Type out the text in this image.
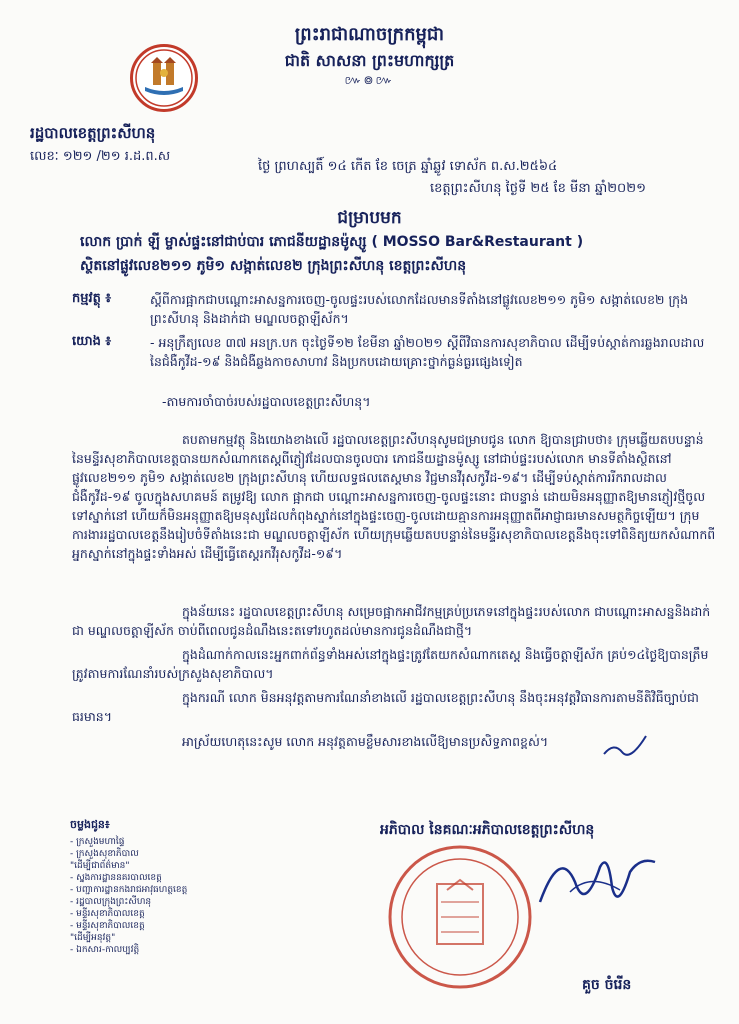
ព្រះរាជាណាចក្រកម្ពុជា
ជាតិ សាសនា ព្រះមហាក្សត្រ
៚៙៚
រដ្ឋបាលខេត្តព្រះសីហនុ
លេខៈ ១២១ /២១ រ.ដ.ព.ស
ថ្ងៃ ព្រហស្បតិ៍ ១៤ កើត ខែ ចេត្រ ឆ្នាំឆ្លូវ ទោស័ក ព.ស.២៥៦៤
ខេត្តព្រះសីហនុ ថ្ងៃទី ២៥ ខែ មីនា ឆ្នាំ២០២១
ជម្រាបមក
លោក ប្រាក់ ឡី ម្ចាស់ផ្ទះនៅជាប់បារ ភោជនីយដ្ឋានម៉ូស្សូ ( MOSSO Bar&Restaurant )
ស្ថិតនៅផ្លូវលេខ២១១ ភូមិ១ សង្កាត់លេខ២ ក្រុងព្រះសីហនុ ខេត្តព្រះសីហនុ
កម្មវត្ថុ ៖	ស្តីពីការផ្អាកជាបណ្តោះអាសន្នការចេញ-ចូលផ្ទះរបស់លោកដែលមានទីតាំងនៅផ្លូវលេខ២១១ ភូមិ១ សង្កាត់លេខ២ ក្រុងព្រះសីហនុ និងដាក់ជា មណ្ឌលចត្តាឡីស័ក។
យោង ៖	- អនុក្រឹត្យលេខ ៣៧ អនក្រ.បក ចុះថ្ងៃទី១២ ខែមីនា ឆ្នាំ២០២១ ស្តីពីវិធានការសុខាភិបាល ដើម្បីទប់ស្កាត់ការឆ្លងរាលដាលនៃជំងឺកូវីដ-១៩ និងជំងឺឆ្លងកាចសាហាវ និងប្រកបដោយគ្រោះថ្នាក់ធ្ងន់ធ្ងរផ្សេងទៀត
-តាមការចាំបាច់របស់រដ្ឋបាលខេត្តព្រះសីហនុ។
តបតាមកម្មវត្ថុ និងយោងខាងលើ រដ្ឋបាលខេត្តព្រះសីហនុសូមជម្រាបជូន លោក ឱ្យបានជ្រាបថា៖ ក្រុមឆ្លើយតបបន្ទាន់ នៃមន្ទីរសុខាភិបាលខេត្តបានយកសំណាកតេស្តពីភ្ញៀវដែលបានចូលបារ ភោជនីយដ្ឋានម៉ូស្សូ នៅជាប់ផ្ទះរបស់លោក មានទីតាំងស្ថិតនៅផ្លូវលេខ២១១ ភូមិ១ សង្កាត់លេខ២ ក្រុងព្រះសីហនុ ហើយលទ្ធផលតេស្តមាន វិជ្ជមានវីរុសកូវីដ-១៩។ ដើម្បីទប់ស្កាត់ការរីករាលដាលជំងឺកូវីដ-១៩ ចូលក្នុងសហគមន៍ តម្រូវឱ្យ លោក ផ្អាកជា បណ្តោះអាសន្នការចេញ-ចូលផ្ទះនោះ ជាបន្ទាន់ ដោយមិនអនុញ្ញាតឱ្យមានភ្ញៀវថ្មីចូលទៅស្នាក់នៅ ហើយក៏មិនអនុញ្ញាតឱ្យមនុស្សដែលកំពុងស្នាក់នៅក្នុងផ្ទះចេញ-ចូលដោយគ្មានការអនុញ្ញាតពីអាជ្ញាធរមានសមត្ថកិច្ចឡើយ។ ក្រុមការងាររដ្ឋបាលខេត្តនឹងរៀបចំទីតាំងនេះជា មណ្ឌលចត្តាឡីស័ក ហើយក្រុមឆ្លើយតបបន្ទាន់នៃមន្ទីរសុខាភិបាលខេត្តនឹងចុះទៅពិនិត្យយកសំណាកពីអ្នកស្នាក់នៅក្នុងផ្ទះទាំងអស់ ដើម្បីធ្វើតេស្តរកវីរុសកូវីដ-១៩។
ក្នុងន័យនេះ រដ្ឋបាលខេត្តព្រះសីហនុ សម្រេចផ្អាកអាជីវកម្មគ្រប់ប្រភេទនៅក្នុងផ្ទះរបស់លោក ជាបណ្តោះអាសន្ននិងដាក់ជា មណ្ឌលចត្តាឡីស័ក ចាប់ពីពេលជូនដំណឹងនេះតទៅរហូតដល់មានការជូនដំណឹងជាថ្មី។
ក្នុងដំណាក់កាលនេះអ្នកពាក់ព័ន្ធទាំងអស់នៅក្នុងផ្ទះត្រូវតែយកសំណាកតេស្ត និងធ្វើចត្តាឡីស័ក គ្រប់១៤ថ្ងៃឱ្យបានត្រឹមត្រូវតាមការណែនាំរបស់ក្រសួងសុខាភិបាល។
ក្នុងករណី លោក មិនអនុវត្តតាមការណែនាំខាងលើ រដ្ឋបាលខេត្តព្រះសីហនុ នឹងចុះអនុវត្តវិធានការតាមនីតិវិធីច្បាប់ជាធរមាន។
អាស្រ័យហេតុនេះសូម លោក អនុវត្តតាមខ្លឹមសារខាងលើឱ្យមានប្រសិទ្ធភាពខ្ពស់។
ចម្លងជូន៖
- ក្រសួងមហាផ្ទៃ
- ក្រសួងសុខាភិបាល
"ដើម្បីជាព័ត៌មាន"
- ស្នងការដ្ឋាននគរបាលខេត្ត
- បញ្ជាការដ្ឋានកងរាជអាវុធហត្ថខេត្ត
- រដ្ឋបាលក្រុងព្រះសីហនុ
- មន្ទីរសុខាភិបាលខេត្ត
- មន្ទីរសុខាភិបាលខេត្ត
"ដើម្បីអនុវត្ត"
- ឯកសារ-កាលប្បវត្តិ
អភិបាល នៃគណៈអភិបាលខេត្តព្រះសីហនុ
គួច ចំរើន
